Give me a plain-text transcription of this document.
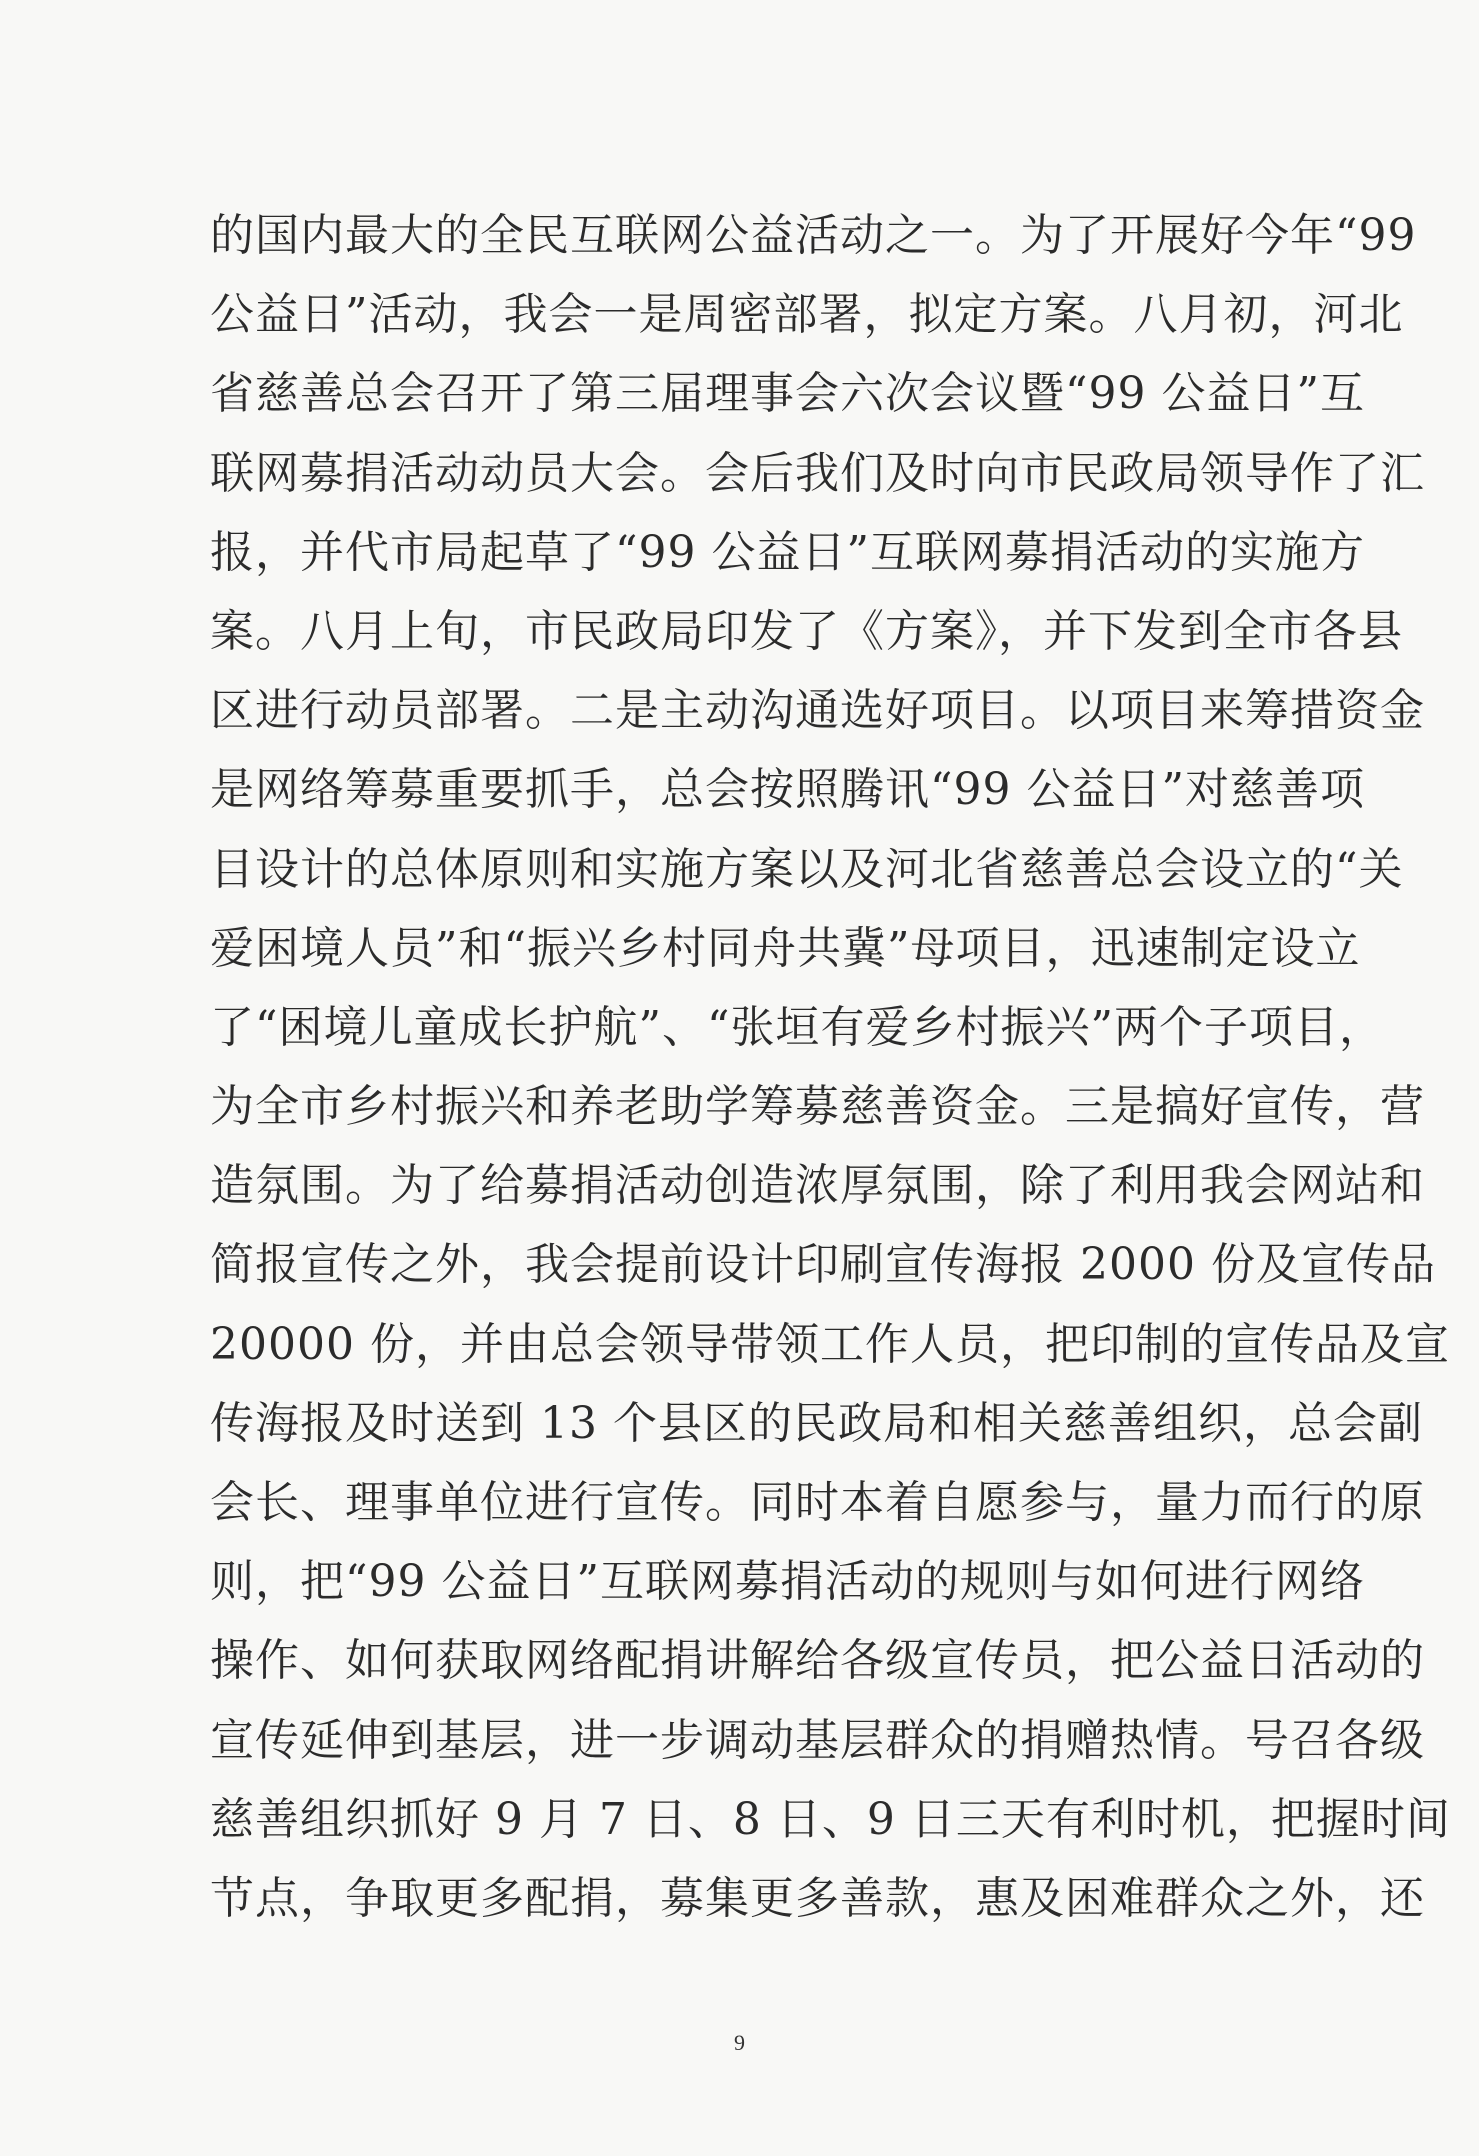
的国内最大的全民互联网公益活动之一。为了开展好今年“99
公益日”活动，我会一是周密部署，拟定方案。八月初，河北
省慈善总会召开了第三届理事会六次会议暨“99 公益日”互
联网募捐活动动员大会。会后我们及时向市民政局领导作了汇
报，并代市局起草了“99 公益日”互联网募捐活动的实施方
案。八月上旬，市民政局印发了《方案》，并下发到全市各县
区进行动员部署。二是主动沟通选好项目。以项目来筹措资金
是网络筹募重要抓手，总会按照腾讯“99 公益日”对慈善项
目设计的总体原则和实施方案以及河北省慈善总会设立的“关
爱困境人员”和“振兴乡村同舟共冀”母项目，迅速制定设立
了“困境儿童成长护航”、“张垣有爱乡村振兴”两个子项目，
为全市乡村振兴和养老助学筹募慈善资金。三是搞好宣传，营
造氛围。为了给募捐活动创造浓厚氛围，除了利用我会网站和
简报宣传之外，我会提前设计印刷宣传海报 2000 份及宣传品
20000 份，并由总会领导带领工作人员，把印制的宣传品及宣
传海报及时送到 13 个县区的民政局和相关慈善组织，总会副
会长、理事单位进行宣传。同时本着自愿参与，量力而行的原
则，把“99 公益日”互联网募捐活动的规则与如何进行网络
操作、如何获取网络配捐讲解给各级宣传员，把公益日活动的
宣传延伸到基层，进一步调动基层群众的捐赠热情。号召各级
慈善组织抓好 9 月 7 日、8 日、9 日三天有利时机，把握时间
节点，争取更多配捐，募集更多善款，惠及困难群众之外，还
9
